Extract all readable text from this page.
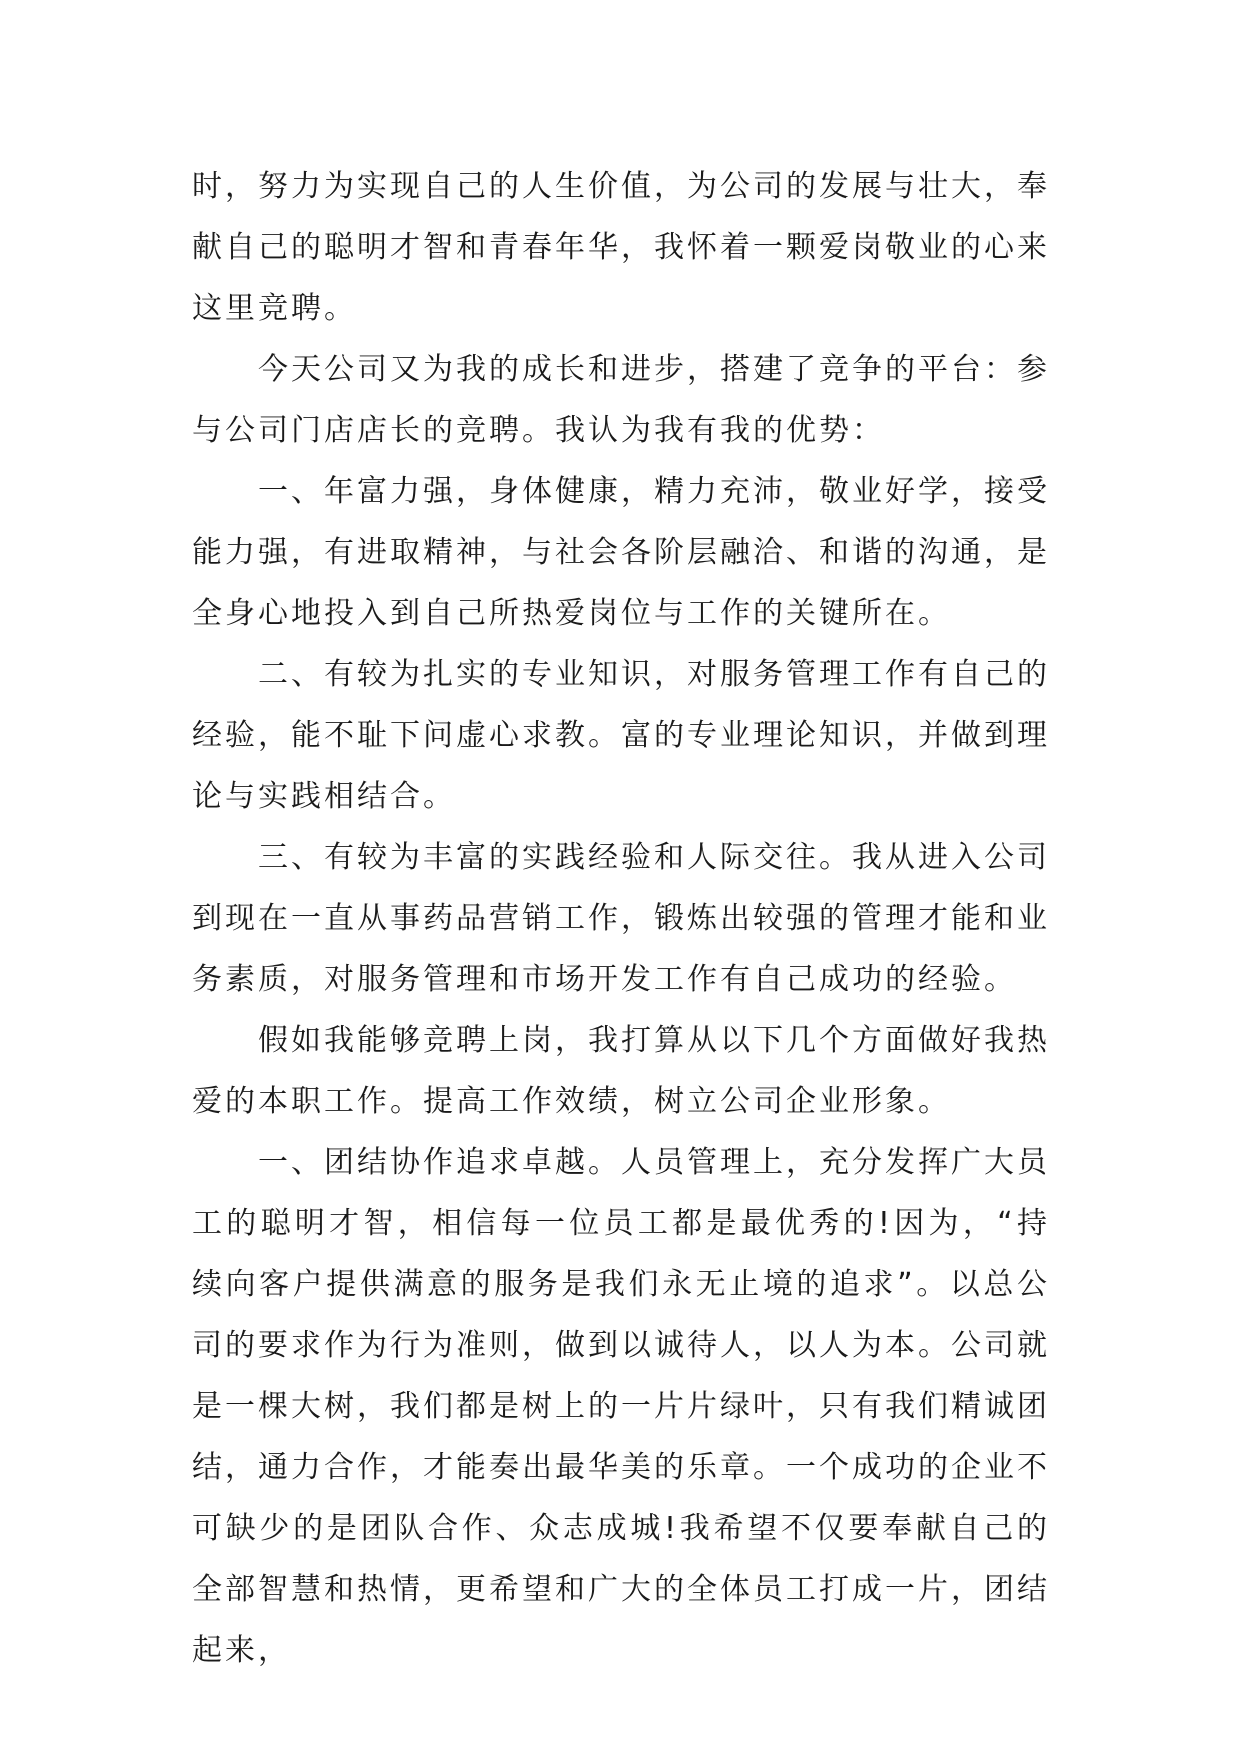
时，努力为实现自己的人生价值，为公司的发展与壮大，奉献自己的聪明才智和青春年华，我怀着一颗爱岗敬业的心来这里竞聘。

今天公司又为我的成长和进步，搭建了竞争的平台：参与公司门店店长的竞聘。我认为我有我的优势：

一、年富力强，身体健康，精力充沛，敬业好学，接受能力强，有进取精神，与社会各阶层融洽、和谐的沟通，是全身心地投入到自己所热爱岗位与工作的关键所在。

二、有较为扎实的专业知识，对服务管理工作有自己的经验，能不耻下问虚心求教。富的专业理论知识，并做到理论与实践相结合。

三、有较为丰富的实践经验和人际交往。我从进入公司到现在一直从事药品营销工作，锻炼出较强的管理才能和业务素质，对服务管理和市场开发工作有自己成功的经验。

假如我能够竞聘上岗，我打算从以下几个方面做好我热爱的本职工作。提高工作效绩，树立公司企业形象。

一、团结协作追求卓越。人员管理上，充分发挥广大员工的聪明才智，相信每一位员工都是最优秀的!因为，“持续向客户提供满意的服务是我们永无止境的追求”。以总公司的要求作为行为准则，做到以诚待人，以人为本。公司就是一棵大树，我们都是树上的一片片绿叶，只有我们精诚团结，通力合作，才能奏出最华美的乐章。一个成功的企业不可缺少的是团队合作、众志成城!我希望不仅要奉献自己的全部智慧和热情，更希望和广大的全体员工打成一片，团结起来，
